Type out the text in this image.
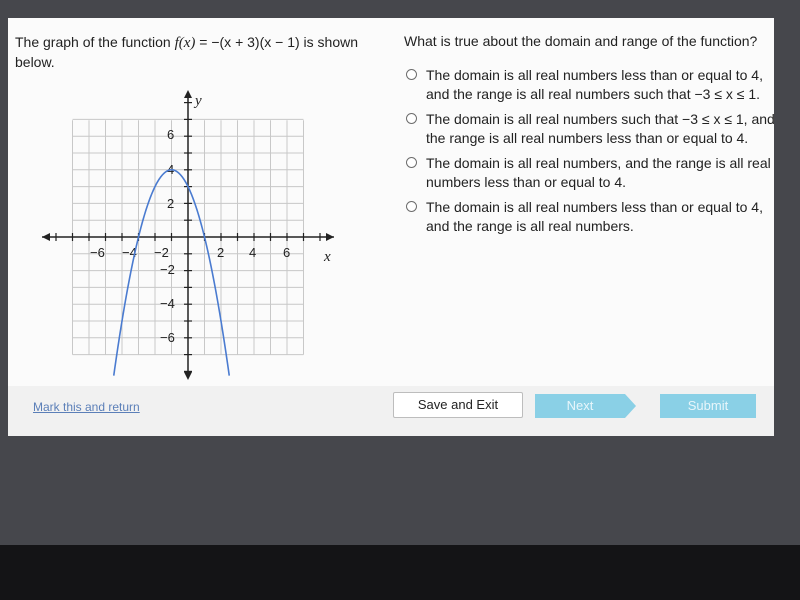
The graph of the function f(x) = −(x + 3)(x − 1) is shown below.
y
x
−6 −4 −2	2 4 6
6
4
2
−2
−4
−6
What is true about the domain and range of the function?
The domain is all real numbers less than or equal to 4, and the range is all real numbers such that −3 ≤ x ≤ 1.
The domain is all real numbers such that −3 ≤ x ≤ 1, and the range is all real numbers less than or equal to 4.
The domain is all real numbers, and the range is all real numbers less than or equal to 4.
The domain is all real numbers less than or equal to 4, and the range is all real numbers.
Mark this and return	Save and Exit	Next	Submit
